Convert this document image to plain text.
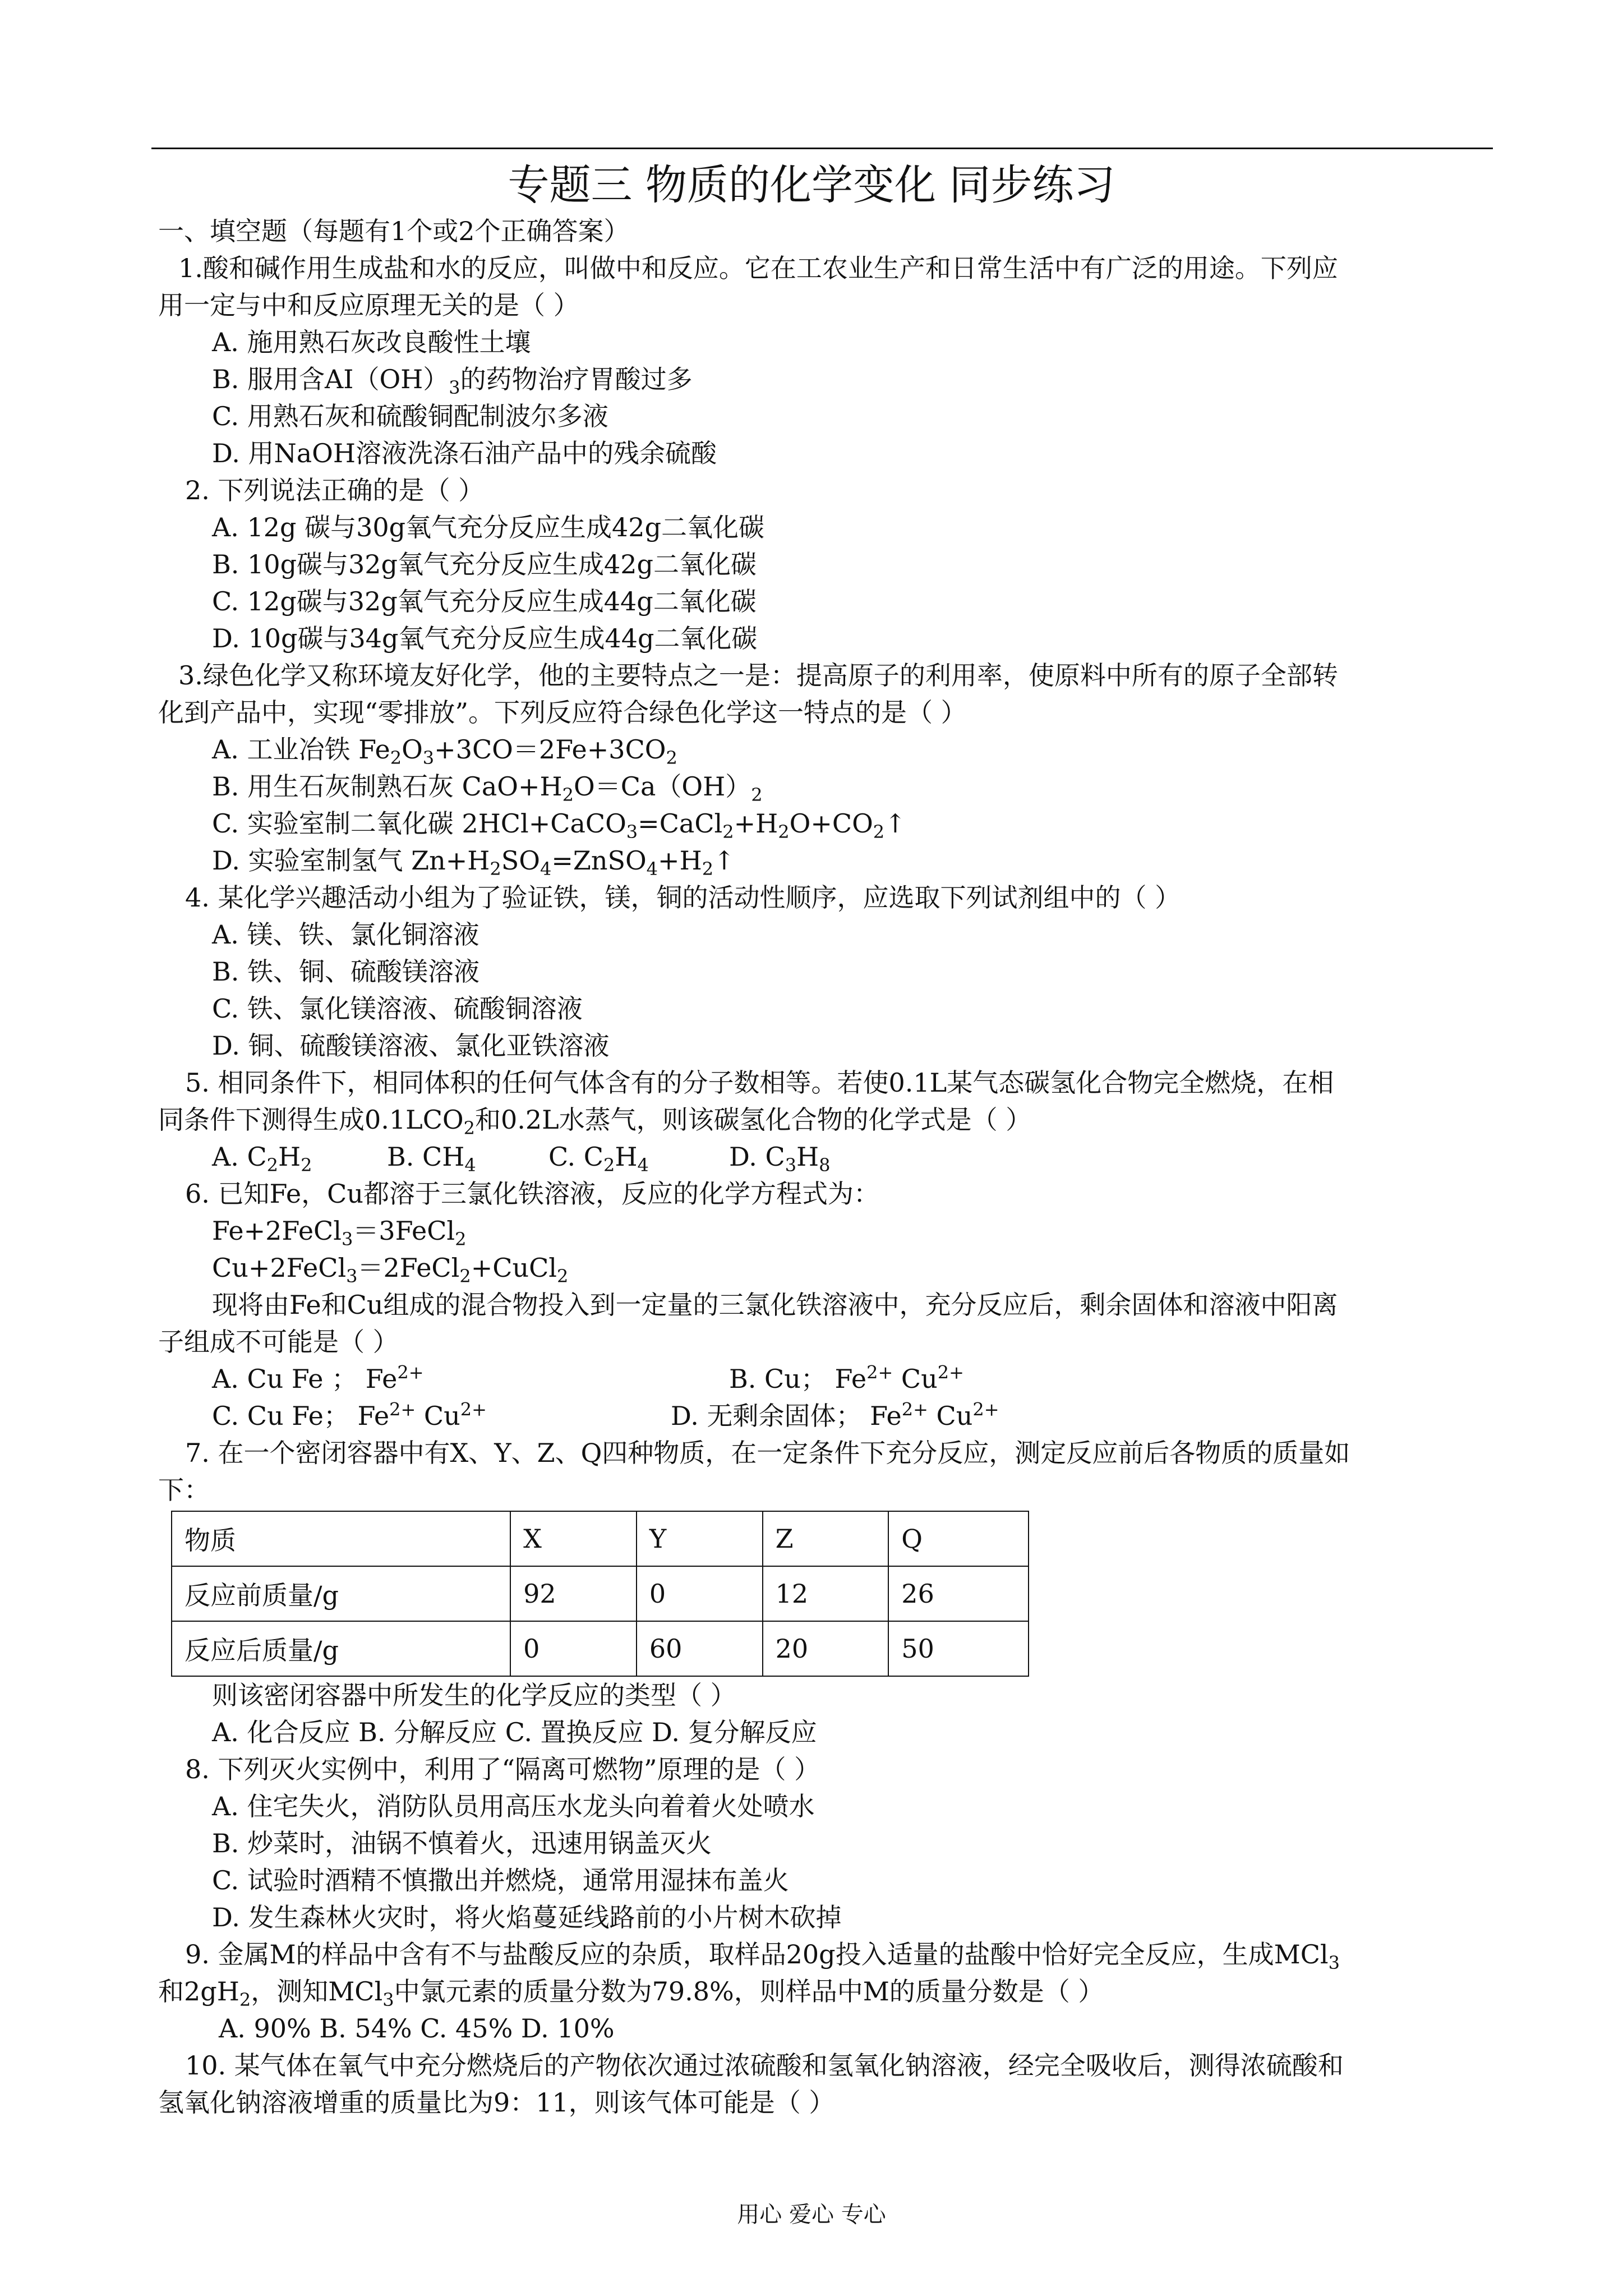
专题三 物质的化学变化 同步练习
一、填空题（每题有1个或2个正确答案）
1.酸和碱作用生成盐和水的反应，叫做中和反应。它在工农业生产和日常生活中有广泛的用途。下列应
用一定与中和反应原理无关的是（ ）
A. 施用熟石灰改良酸性土壤
B. 服用含$AI(OH)_3$的药物治疗胃酸过多
C. 用熟石灰和硫酸铜配制波尔多液
D. 用NaOH溶液洗涤石油产品中的残余硫酸
2. 下列说法正确的是（ ）
A. 12g 碳与30g氧气充分反应生成42g二氧化碳
B. 10g碳与32g氧气充分反应生成42g二氧化碳
C. 12g碳与32g氧气充分反应生成44g二氧化碳
D. 10g碳与34g氧气充分反应生成44g二氧化碳
3.绿色化学又称环境友好化学，他的主要特点之一是：提高原子的利用率，使原料中所有的原子全部转
化到产品中，实现“零排放”。下列反应符合绿色化学这一特点的是（ ）
A. 工业冶铁 $Fe_2O_3+3CO=2Fe+3CO_2$
B. 用生石灰制熟石灰 $CaO+H_2O=Ca(OH)_2$
C. 实验室制二氧化碳 $2HCl+CaCO_3=CaCl_2+H_2O+CO_2↑$
D. 实验室制氢气 $Zn+H_2SO_4=ZnSO_4+H_2↑$
4. 某化学兴趣活动小组为了验证铁，镁，铜的活动性顺序，应选取下列试剂组中的（ ）
A. 镁、铁、氯化铜溶液
B. 铁、铜、硫酸镁溶液
C. 铁、氯化镁溶液、硫酸铜溶液
D. 铜、硫酸镁溶液、氯化亚铁溶液
5. 相同条件下，相同体积的任何气体含有的分子数相等。若使0.1L某气态碳氢化合物完全燃烧，在相
同条件下测得生成$0.1LCO_2$和0.2L水蒸气，则该碳氢化合物的化学式是（ ）
A. $C_2H_2$	B. $CH_4$	C. $C_2H_4$	D. $C_3H_8$
6. 已知Fe，Cu都溶于三氯化铁溶液，反应的化学方程式为：
Fe+2FeCl$_3$＝3FeCl$_2$
Cu+2FeCl$_3$＝2FeCl$_2$+CuCl$_2$
现将由Fe和Cu组成的混合物投入到一定量的三氯化铁溶液中，充分反应后，剩余固体和溶液中阳离
子组成不可能是（ ）
A. Cu Fe ； $Fe^{2+}$	B. Cu； $Fe^{2+}$ $Cu^{2+}$
C. Cu Fe； $Fe^{2+}$ $Cu^{2+}$	D. 无剩余固体； $Fe^{2+}$ $Cu^{2+}$
7. 在一个密闭容器中有X、Y、Z、Q四种物质，在一定条件下充分反应，测定反应前后各物质的质量如
下：
物质	X	Y	Z	Q
反应前质量/g	92	0	12	26
反应后质量/g	0	60	20	50
则该密闭容器中所发生的化学反应的类型（ ）
A. 化合反应 B. 分解反应 C. 置换反应 D. 复分解反应
8. 下列灭火实例中，利用了“隔离可燃物”原理的是（ ）
A. 住宅失火，消防队员用高压水龙头向着着火处喷水
B. 炒菜时，油锅不慎着火，迅速用锅盖灭火
C. 试验时酒精不慎撒出并燃烧，通常用湿抹布盖火
D. 发生森林火灾时，将火焰蔓延线路前的小片树木砍掉
9. 金属M的样品中含有不与盐酸反应的杂质，取样品20g投入适量的盐酸中恰好完全反应，生成MCl$_3$
和$2gH_2$，测知MCl$_3$中氯元素的质量分数为79.8%，则样品中M的质量分数是（ ）
A. 90% B. 54% C. 45% D. 10%
10. 某气体在氧气中充分燃烧后的产物依次通过浓硫酸和氢氧化钠溶液，经完全吸收后，测得浓硫酸和
氢氧化钠溶液增重的质量比为9：11，则该气体可能是（ ）
用心 爱心 专心
